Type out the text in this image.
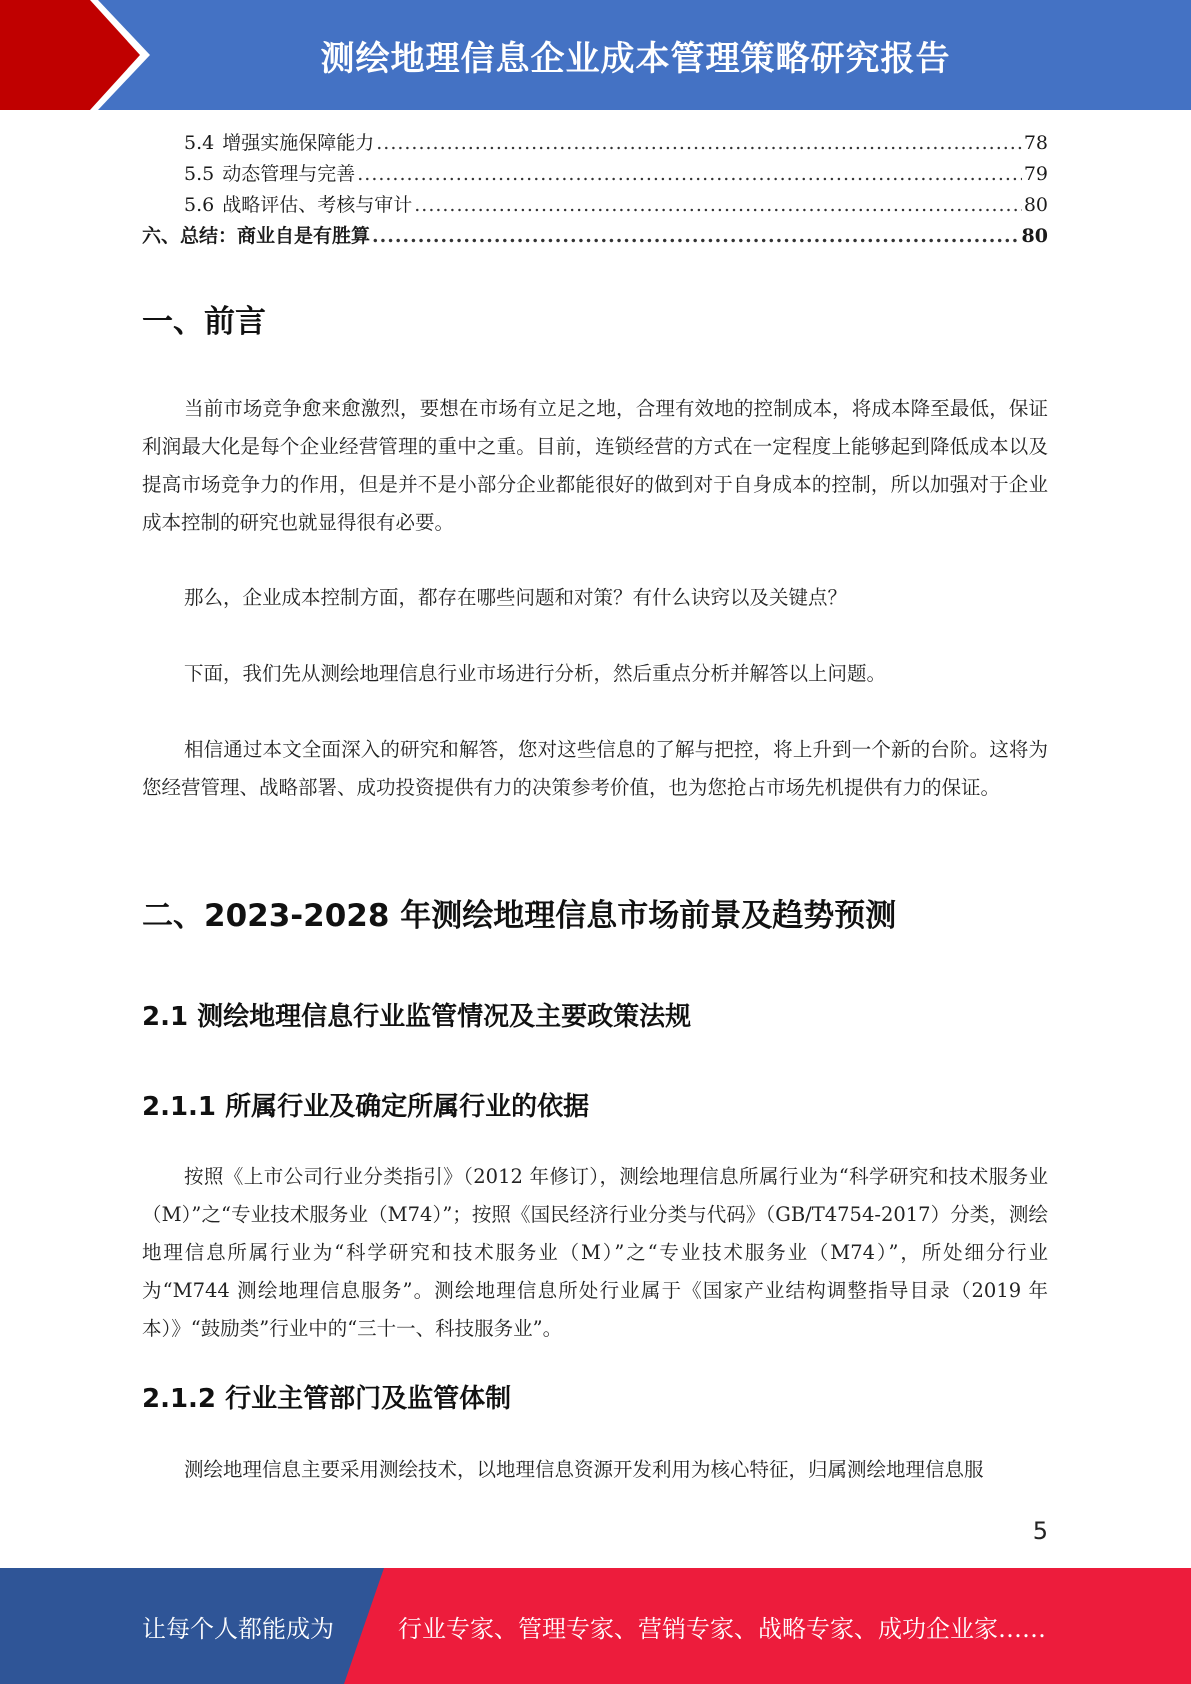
测绘地理信息企业成本管理策略研究报告
5.4 增强实施保障能力 .....	78
5.5 动态管理与完善 .....	79
5.6 战略评估、考核与审计 .....	80
六、总结：商业自是有胜算 .....	80
一、前言

当前市场竞争愈来愈激烈，要想在市场有立足之地，合理有效地的控制成本，将成本降至最低，保证利润最大化是每个企业经营管理的重中之重。目前，连锁经营的方式在一定程度上能够起到降低成本以及提高市场竞争力的作用，但是并不是小部分企业都能很好的做到对于自身成本的控制，所以加强对于企业成本控制的研究也就显得很有必要。

那么，企业成本控制方面，都存在哪些问题和对策？有什么诀窍以及关键点？

下面，我们先从测绘地理信息行业市场进行分析，然后重点分析并解答以上问题。

相信通过本文全面深入的研究和解答，您对这些信息的了解与把控，将上升到一个新的台阶。这将为您经营管理、战略部署、成功投资提供有力的决策参考价值，也为您抢占市场先机提供有力的保证。

二、2023-2028 年测绘地理信息市场前景及趋势预测
2.1 测绘地理信息行业监管情况及主要政策法规
2.1.1 所属行业及确定所属行业的依据

按照《上市公司行业分类指引》（2012 年修订），测绘地理信息所属行业为“科学研究和技术服务业（M）”之“专业技术服务业（M74）”；按照《国民经济行业分类与代码》（GB/T4754-2017）分类，测绘地理信息所属行业为“科学研究和技术服务业（M）”之“专业技术服务业（M74）”，所处细分行业为“M744 测绘地理信息服务”。测绘地理信息所处行业属于《国家产业结构调整指导目录（2019 年本）》“鼓励类”行业中的“三十一、科技服务业”。

2.1.2 行业主管部门及监管体制

测绘地理信息主要采用测绘技术，以地理信息资源开发利用为核心特征，归属测绘地理信息服

5
让每个人都能成为	行业专家、管理专家、营销专家、战略专家、成功企业家……
